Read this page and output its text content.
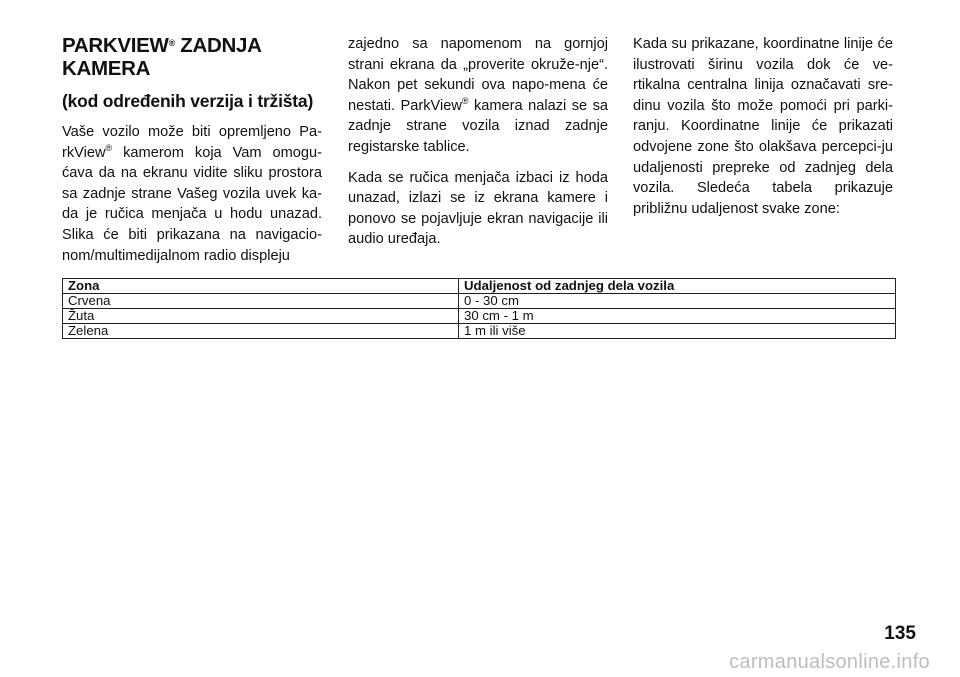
PARKVIEW® ZADNJA
KAMERA
(kod određenih verzija i tržišta)

Vaše vozilo može biti opremljeno Pa-rkView® kamerom koja Vam omogu-ćava da na ekranu vidite sliku prostora sa zadnje strane Vašeg vozila uvek ka-da je ručica menjača u hodu unazad. Slika će biti prikazana na navigacio-nom/multimedijalnom radio displeju

zajedno sa napomenom na gornjoj strani ekrana da „proverite okruže-nje“. Nakon pet sekundi ova napo-mena će nestati. ParkView® kamera nalazi se sa zadnje strane vozila iznad zadnje registarske tablice.

Kada se ručica menjača izbaci iz hoda unazad, izlazi se iz ekrana kamere i ponovo se pojavljuje ekran navigacije ili audio uređaja.

Kada su prikazane, koordinatne linije će ilustrovati širinu vozila dok će ve-rtikalna centralna linija označavati sre-dinu vozila što može pomoći pri parki-ranju. Koordinatne linije će prikazati odvojene zone što olakšava percepci-ju udaljenosti prepreke od zadnjeg dela vozila. Sledeća tabela prikazuje približnu udaljenost svake zone:

Zona	Udaljenost od zadnjeg dela vozila
Crvena	0 - 30 cm
Žuta	30 cm - 1 m
Zelena	1 m ili više
135
carmanualsonline.info
